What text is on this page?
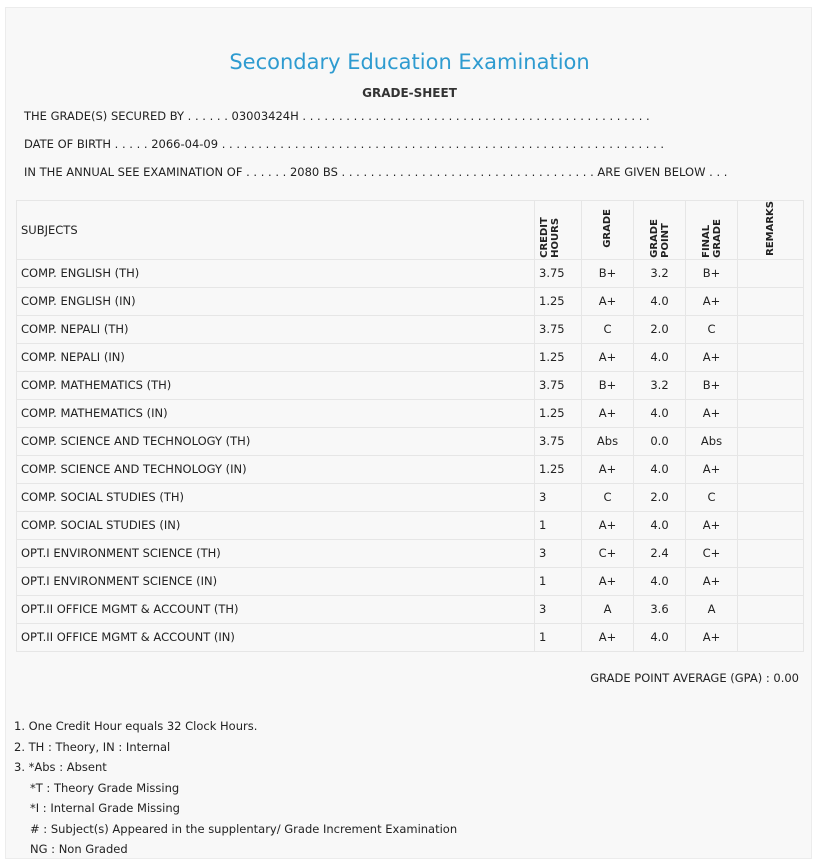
Secondary Education Examination
GRADE-SHEET
THE GRADE(S) SECURED BY . . . . . . 03003424H . . . . . . . . . . . . . . . . . . . . . . . . . . . . . . . . . . . . . . . . . . . . . . . .
DATE OF BIRTH . . . . . 2066-04-09 . . . . . . . . . . . . . . . . . . . . . . . . . . . . . . . . . . . . . . . . . . . . . . . . . . . . . . . . . . . . .
IN THE ANNUAL SEE EXAMINATION OF . . . . . . 2080 BS . . . . . . . . . . . . . . . . . . . . . . . . . . . . . . . . . . . ARE GIVEN BELOW . . .
SUBJECTS	CREDIT HOURS	GRADE	GRADE POINT	FINAL GRADE	REMARKS
COMP. ENGLISH (TH)	3.75	B+	3.2	B+	
COMP. ENGLISH (IN)	1.25	A+	4.0	A+	
COMP. NEPALI (TH)	3.75	C	2.0	C	
COMP. NEPALI (IN)	1.25	A+	4.0	A+	
COMP. MATHEMATICS (TH)	3.75	B+	3.2	B+	
COMP. MATHEMATICS (IN)	1.25	A+	4.0	A+	
COMP. SCIENCE AND TECHNOLOGY (TH)	3.75	Abs	0.0	Abs	
COMP. SCIENCE AND TECHNOLOGY (IN)	1.25	A+	4.0	A+	
COMP. SOCIAL STUDIES (TH)	3	C	2.0	C	
COMP. SOCIAL STUDIES (IN)	1	A+	4.0	A+	
OPT.I ENVIRONMENT SCIENCE (TH)	3	C+	2.4	C+	
OPT.I ENVIRONMENT SCIENCE (IN)	1	A+	4.0	A+	
OPT.II OFFICE MGMT & ACCOUNT (TH)	3	A	3.6	A	
OPT.II OFFICE MGMT & ACCOUNT (IN)	1	A+	4.0	A+	
GRADE POINT AVERAGE (GPA) : 0.00
1. One Credit Hour equals 32 Clock Hours.
2. TH : Theory, IN : Internal
3. *Abs : Absent
*T : Theory Grade Missing
*I : Internal Grade Missing
# : Subject(s) Appeared in the supplentary/ Grade Increment Examination
NG : Non Graded
